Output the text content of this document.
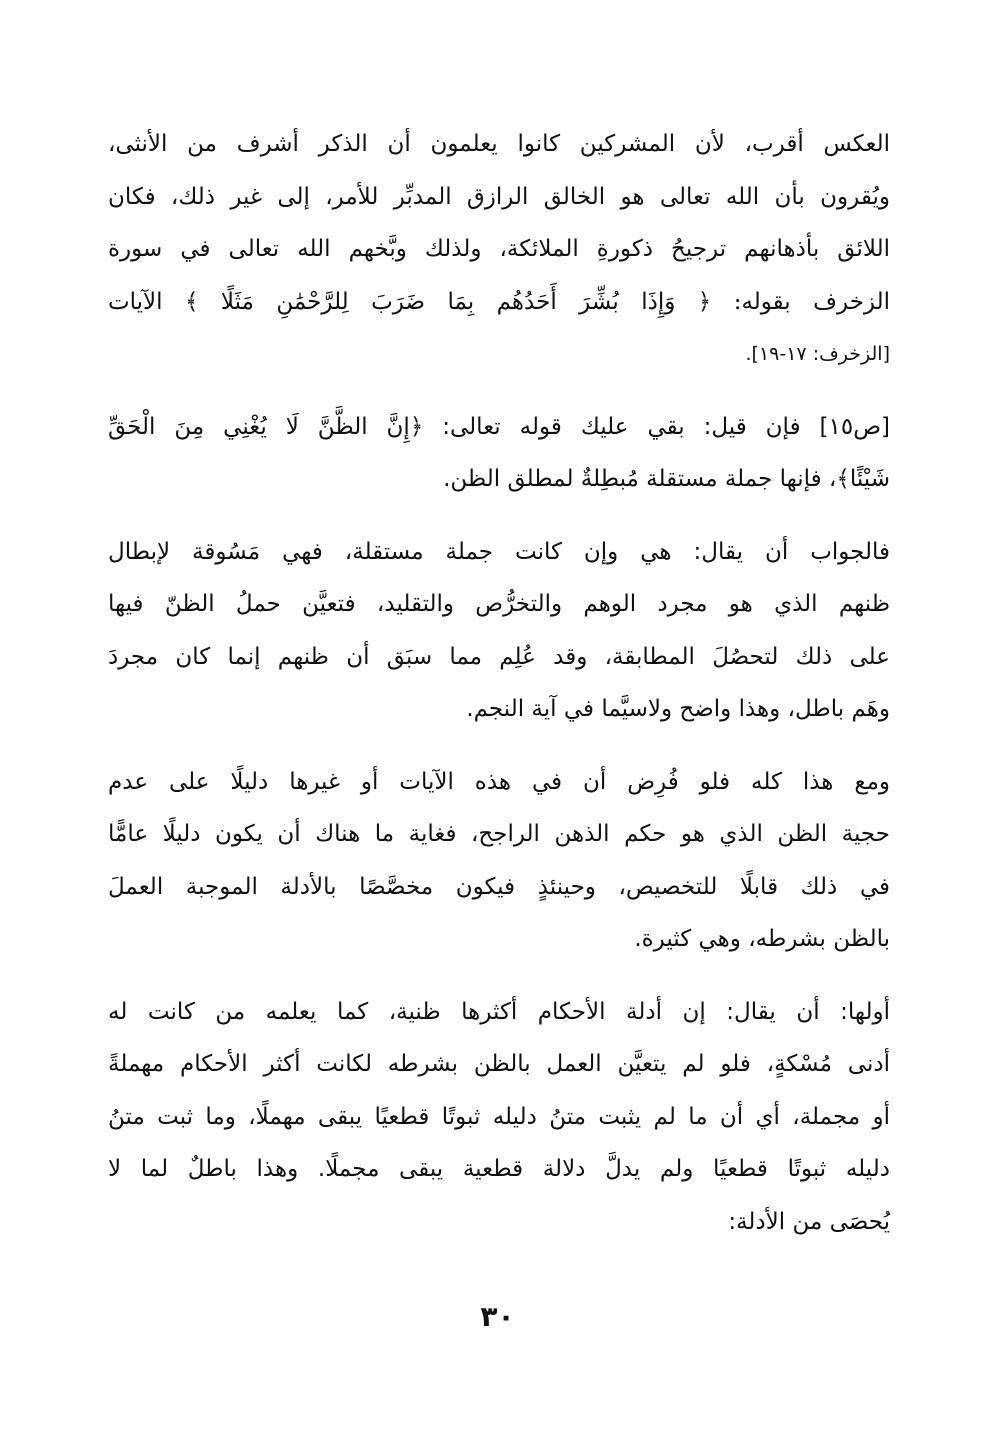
العكس أقرب، لأن المشركين كانوا يعلمون أن الذكر أشرف من الأنثى،
ويُقرون بأن الله تعالى هو الخالق الرازق المدبِّر للأمر، إلى غير ذلك، فكان
اللائق بأذهانهم ترجيحُ ذكورةِ الملائكة، ولذلك وبَّخهم الله تعالى في سورة
الزخرف بقوله: ﴿ وَإِذَا بُشِّرَ أَحَدُهُم بِمَا ضَرَبَ لِلرَّحْمَٰنِ مَثَلًا ﴾ الآيات
[الزخرف: ١٧-١٩].

[ص١٥] فإن قيل: بقي عليك قوله تعالى: ﴿إِنَّ الظَّنَّ لَا يُغْنِي مِنَ الْحَقِّ
شَيْئًا﴾، فإنها جملة مستقلة مُبطِلةٌ لمطلق الظن.

فالجواب أن يقال: هي وإن كانت جملة مستقلة، فهي مَسُوقة لإبطال
ظنهم الذي هو مجرد الوهم والتخرُّص والتقليد، فتعيَّن حملُ الظنّ فيها
على ذلك لتحصُلَ المطابقة، وقد عُلِم مما سبَق أن ظنهم إنما كان مجردَ
وهَم باطل، وهذا واضح ولاسيَّما في آية النجم.

ومع هذا كله فلو فُرِض أن في هذه الآيات أو غيرها دليلًا على عدم
حجية الظن الذي هو حكم الذهن الراجح، فغاية ما هناك أن يكون دليلًا عامًّا
في ذلك قابلًا للتخصيص، وحينئذٍ فيكون مخصَّصًا بالأدلة الموجبة العملَ
بالظن بشرطه، وهي كثيرة.

أولها: أن يقال: إن أدلة الأحكام أكثرها ظنية، كما يعلمه من كانت له
أدنى مُسْكةٍ، فلو لم يتعيَّن العمل بالظن بشرطه لكانت أكثر الأحكام مهملةً
أو مجملة، أي أن ما لم يثبت متنُ دليله ثبوتًا قطعيًا يبقى مهملًا، وما ثبت متنُ
دليله ثبوتًا قطعيًا ولم يدلَّ دلالة قطعية يبقى مجملًا. وهذا باطلٌ لما لا
يُحصَى من الأدلة:

٣٠
